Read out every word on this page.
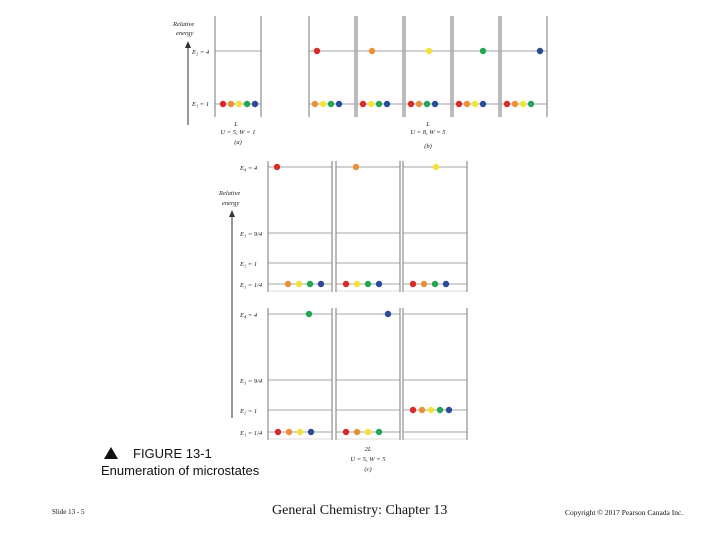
Relative
energy
E₂ = 4
E₁ = 1
L
U = 5, W = 1
(a)
L
U = 8, W = 5
(b)
Relative
energy
E₄ = 4
E₃ = 9/4
E₂ = 1
E₁ = 1/4
E₄ = 4
E₃ = 9/4
E₂ = 1
E₁ = 1/4
2L
U = 5, W = 5
(c)
FIGURE 13-1
Enumeration of microstates
Slide 13 - 5	General Chemistry: Chapter 13	Copyright © 2017 Pearson Canada Inc.
